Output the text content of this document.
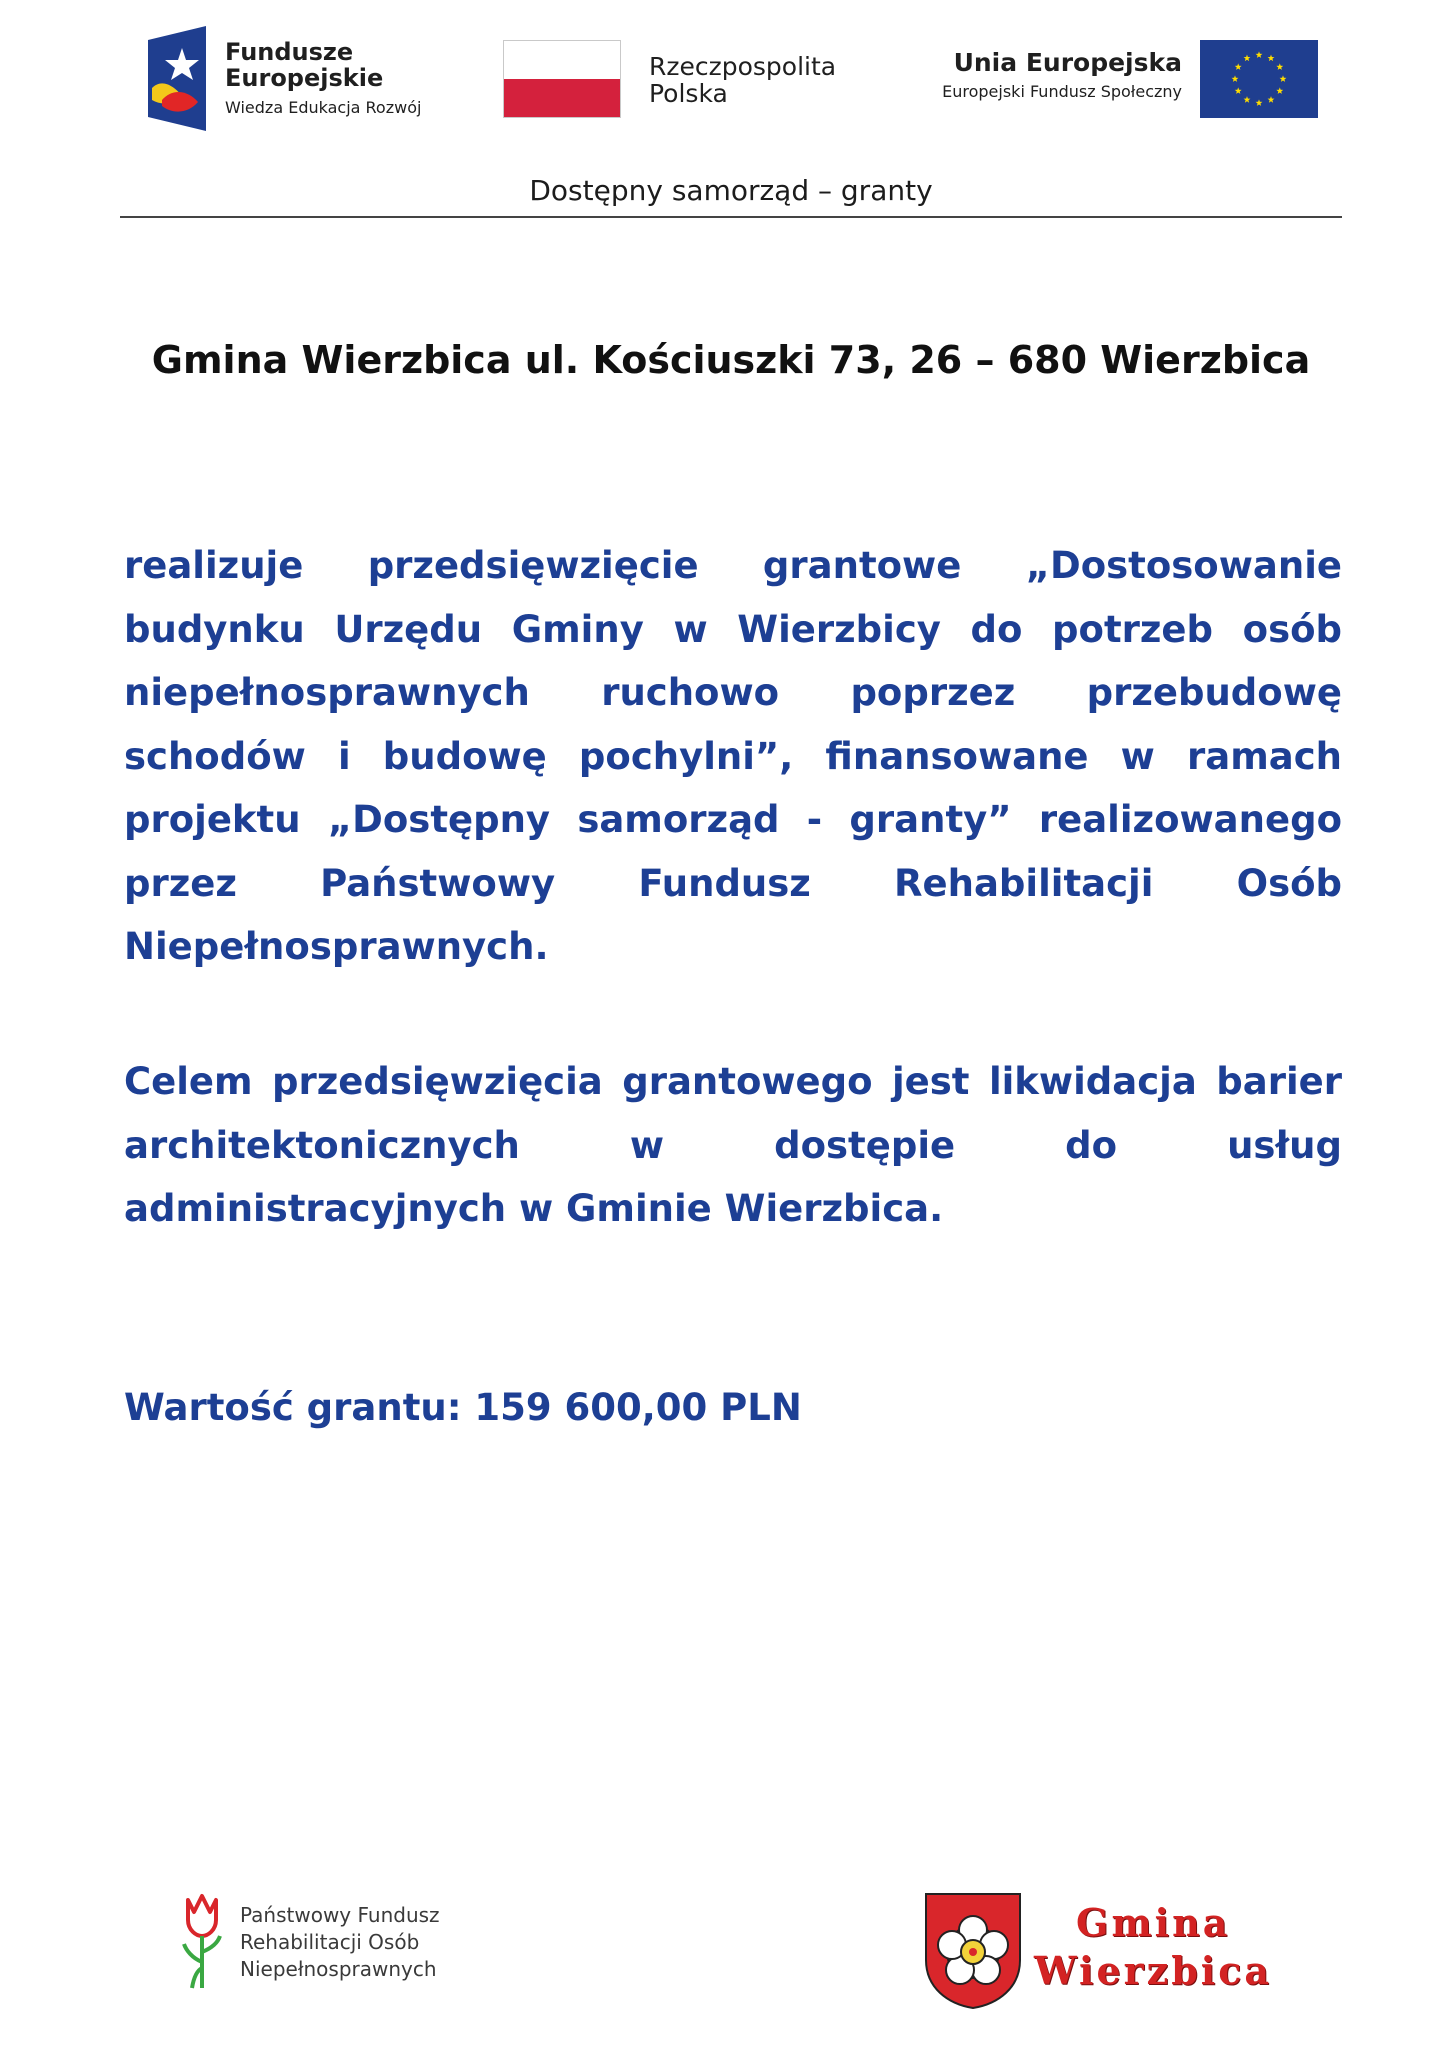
Fundusze
Europejskie
Wiedza Edukacja Rozwój
Rzeczpospolita
Polska
Unia Europejska
Europejski Fundusz Społeczny
Dostępny samorząd – granty
Gmina Wierzbica ul. Kościuszki 73, 26 – 680 Wierzbica
realizuje przedsięwzięcie grantowe „Dostosowanie budynku Urzędu Gminy w Wierzbicy do potrzeb osób niepełnosprawnych ruchowo poprzez przebudowę schodów i budowę pochylni”, finansowane w ramach projektu „Dostępny samorząd - granty” realizowanego przez Państwowy Fundusz Rehabilitacji Osób Niepełnosprawnych.
Celem przedsięwzięcia grantowego jest likwidacja barier architektonicznych w dostępie do usług administracyjnych w Gminie Wierzbica.
Wartość grantu: 159 600,00 PLN
Państwowy Fundusz
Rehabilitacji Osób
Niepełnosprawnych
Gmina
Wierzbica
